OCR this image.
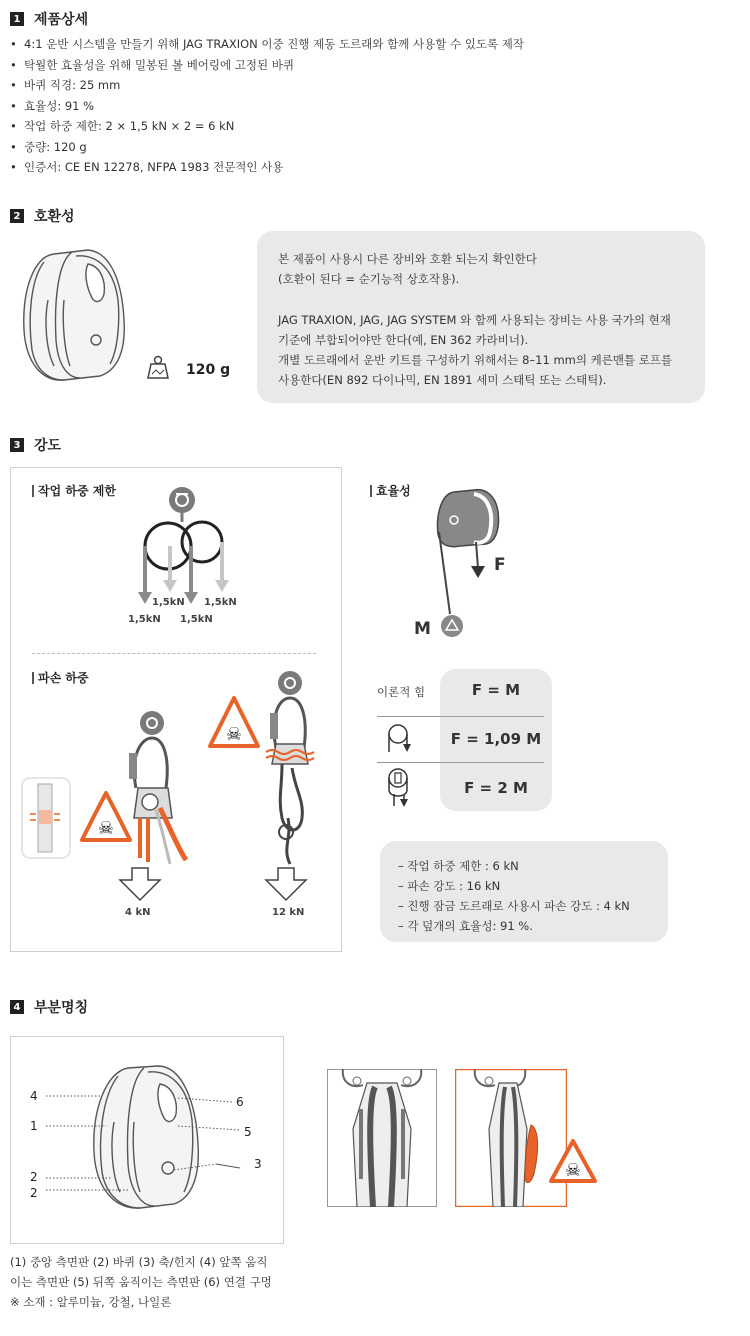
1 제품상세
• 4:1 운반 시스템을 만들기 위해 JAG TRAXION 이중 진행 제동 도르래와 함께 사용할 수 있도록 제작
• 탁월한 효율성을 위해 밀봉된 볼 베어링에 고정된 바퀴
• 바퀴 직경: 25 mm
• 효율성: 91 %
• 작업 하중 제한: 2 × 1,5 kN × 2 = 6 kN
• 중량: 120 g
• 인증서: CE EN 12278, NFPA 1983 전문적인 사용
2 호환성
120 g

본 제품이 사용시 다른 장비와 호환 되는지 확인한다

(호환이 된다 = 순기능적 상호작용).

JAG TRAXION, JAG, JAG SYSTEM 와 함께 사용되는 장비는 사용 국가의 현재

기준에 부합되어야만 한다(예, EN 362 카라비너).

개별 도르래에서 운반 키트를 구성하기 위해서는 8–11 mm의 케른맨틀 로프를

사용한다(EN 892 다이나믹, EN 1891 세미 스태틱 또는 스태틱).

3 강도
작업 하중 제한
1,5kN 1,5kN
1,5kN 1,5kN
파손 하중
☠
☠
4 kN	12 kN
효율성
F
M
이론적 힘	F = M
F = 1,09 M
F = 2 M
– 작업 하중 제한 : 6 kN
– 파손 강도 : 16 kN
– 진행 잠금 도르래로 사용시 파손 강도 : 4 kN
– 각 덮개의 효율성: 91 %.
4 부분명칭
4
1
2
2
6
5
3

(1) 중앙 측면판 (2) 바퀴 (3) 축/힌지 (4) 앞쪽 움직

이는 측면판 (5) 뒤쪽 움직이는 측면판 (6) 연결 구멍

※ 소재 : 알루미늄, 강철, 나일론

☠
